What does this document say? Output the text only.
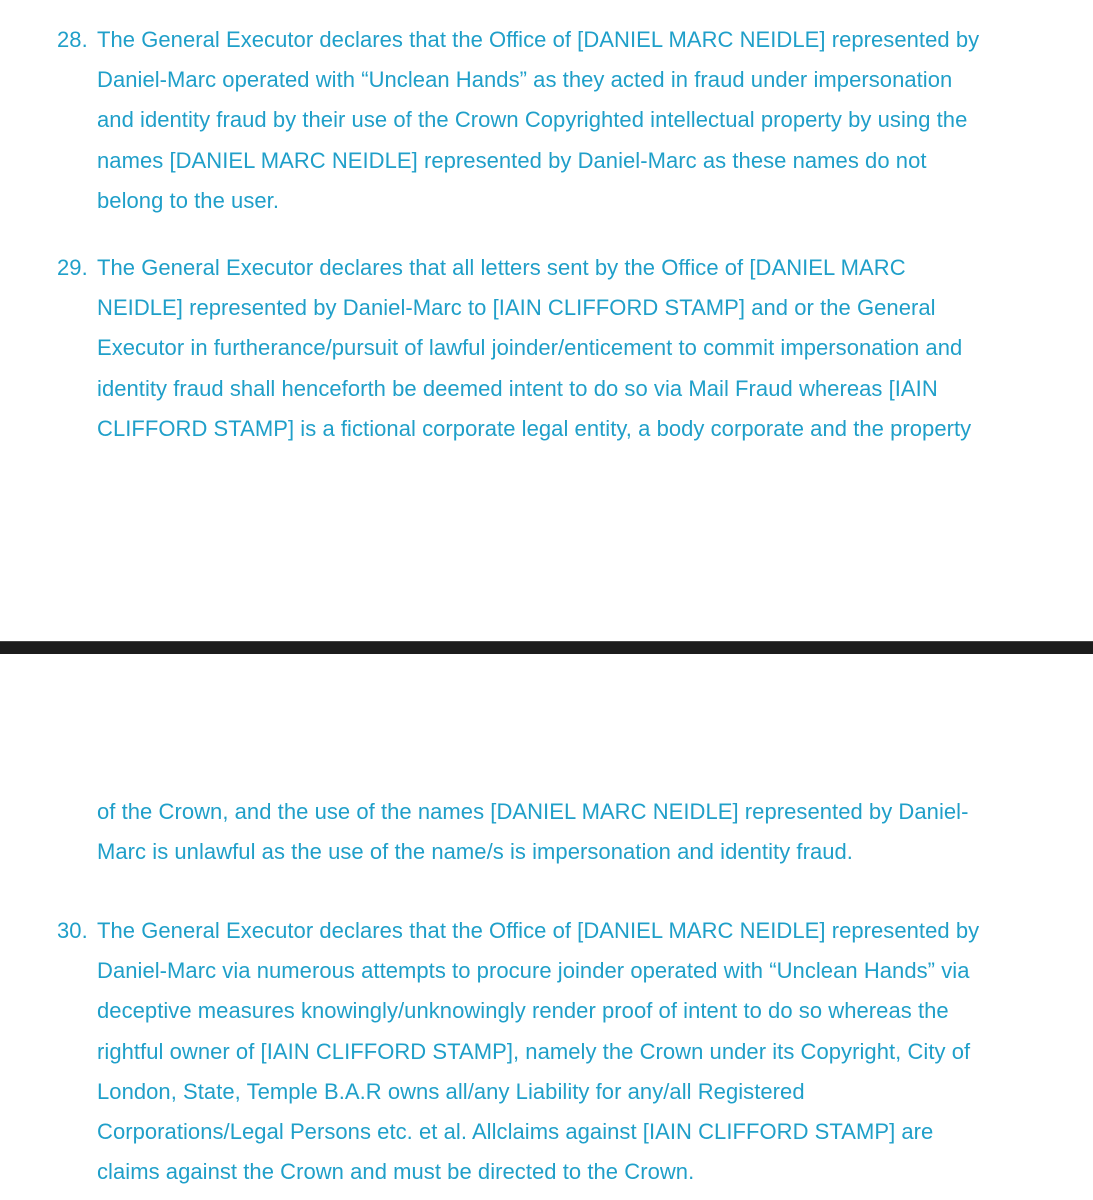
28. The General Executor declares that the Office of [DANIEL MARC NEIDLE] represented by
Daniel-Marc operated with “Unclean Hands” as they acted in fraud under impersonation
and identity fraud by their use of the Crown Copyrighted intellectual property by using the
names [DANIEL MARC NEIDLE] represented by Daniel-Marc as these names do not
belong to the user.
29. The General Executor declares that all letters sent by the Office of [DANIEL MARC
NEIDLE] represented by Daniel-Marc to [IAIN CLIFFORD STAMP] and or the General
Executor in furtherance/pursuit of lawful joinder/enticement to commit impersonation and
identity fraud shall henceforth be deemed intent to do so via Mail Fraud whereas [IAIN
CLIFFORD STAMP] is a fictional corporate legal entity, a body corporate and the property
of the Crown, and the use of the names [DANIEL MARC NEIDLE] represented by Daniel-
Marc is unlawful as the use of the name/s is impersonation and identity fraud.
30. The General Executor declares that the Office of [DANIEL MARC NEIDLE] represented by
Daniel-Marc via numerous attempts to procure joinder operated with “Unclean Hands” via
deceptive measures knowingly/unknowingly render proof of intent to do so whereas the
rightful owner of [IAIN CLIFFORD STAMP], namely the Crown under its Copyright, City of
London, State, Temple B.A.R owns all/any Liability for any/all Registered
Corporations/Legal Persons etc. et al. Allclaims against [IAIN CLIFFORD STAMP] are
claims against the Crown and must be directed to the Crown.
